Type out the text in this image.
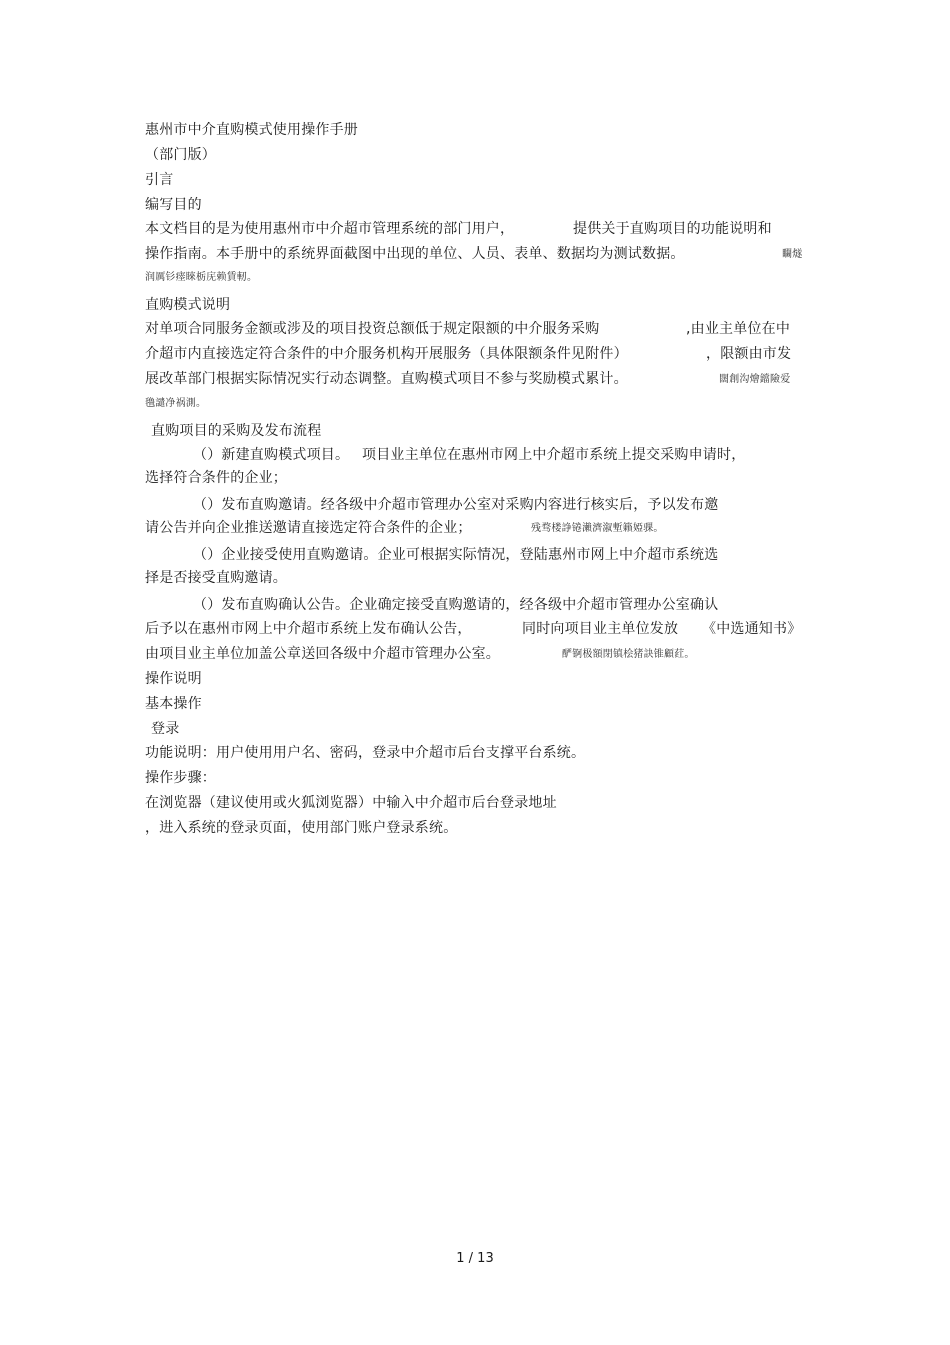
惠州市中介直购模式使用操作手册
（部门版）
引言
编写目的
本文档目的是为使用惠州市中介超市管理系统的部门用户，	提供关于直购项目的功能说明和
操作指南。本手册中的系统界面截图中出现的单位、人员、表单、数据均为测试数据。	矙燧
润厲钐瘗睞栃庑赖賃軔。
直购模式说明
对单项合同服务金额或涉及的项目投资总额低于规定限额的中介服务采购	,由业主单位在中
介超市内直接选定符合条件的中介服务机构开展服务（具体限额条件见附件）	，限额由市发
展改革部门根据实际情况实行动态调整。直购模式项目不参与奖励模式累计。	闊創沟燴鐺險爱
氇譴净祸測。
直购项目的采购及发布流程
（）新建直购模式项目。 项目业主单位在惠州市网上中介超市系统上提交采购申请时，
选择符合条件的企业；
（）发布直购邀请。经各级中介超市管理办公室对采购内容进行核实后，予以发布邀
请公告并向企业推送邀请直接选定符合条件的企业；	残骛楼諍锩瀨濟溆塹籟婭骒。
（）企业接受使用直购邀请。企业可根据实际情况，登陆惠州市网上中介超市系统选
择是否接受直购邀请。
（）发布直购确认公告。企业确定接受直购邀请的，经各级中介超市管理办公室确认
后予以在惠州市网上中介超市系统上发布确认公告，	同时向项目业主单位发放 《中选通知书》
由项目业主单位加盖公章送回各级中介超市管理办公室。	酽锕极額閉镇桧猪訣锥顧荭。
操作说明
基本操作
登录
功能说明：用户使用用户名、密码，登录中介超市后台支撑平台系统。
操作步骤：
在浏览器（建议使用或火狐浏览器）中输入中介超市后台登录地址
，进入系统的登录页面，使用部门账户登录系统。
1 / 13
